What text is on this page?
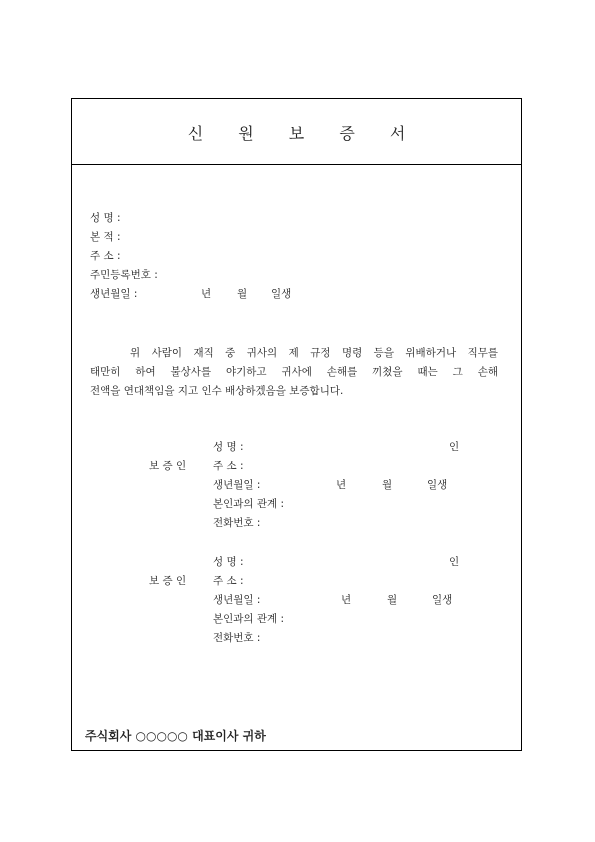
신 원 보 증 서
성 명 :
본 적 :
주 소 :
주민등록번호 :
생년월일 :	년 월 일생
위 사람이 재직 중 귀사의 제 규정 명령 등을 위배하거나 직무를
태만히 하여 불상사를 야기하고 귀사에 손해를 끼쳤을 때는 그 손해
전액을 연대책임을 지고 인수 배상하겠음을 보증합니다.
성 명 :	인
보 증 인	주 소 :
생년월일 :	년	월	일생
본인과의 관계 :
전화번호 :
성 명 :	인
보 증 인	주 소 :
생년월일 :	년	월	일생
본인과의 관계 :
전화번호 :
주식회사 ○○○○○ 대표이사 귀하
